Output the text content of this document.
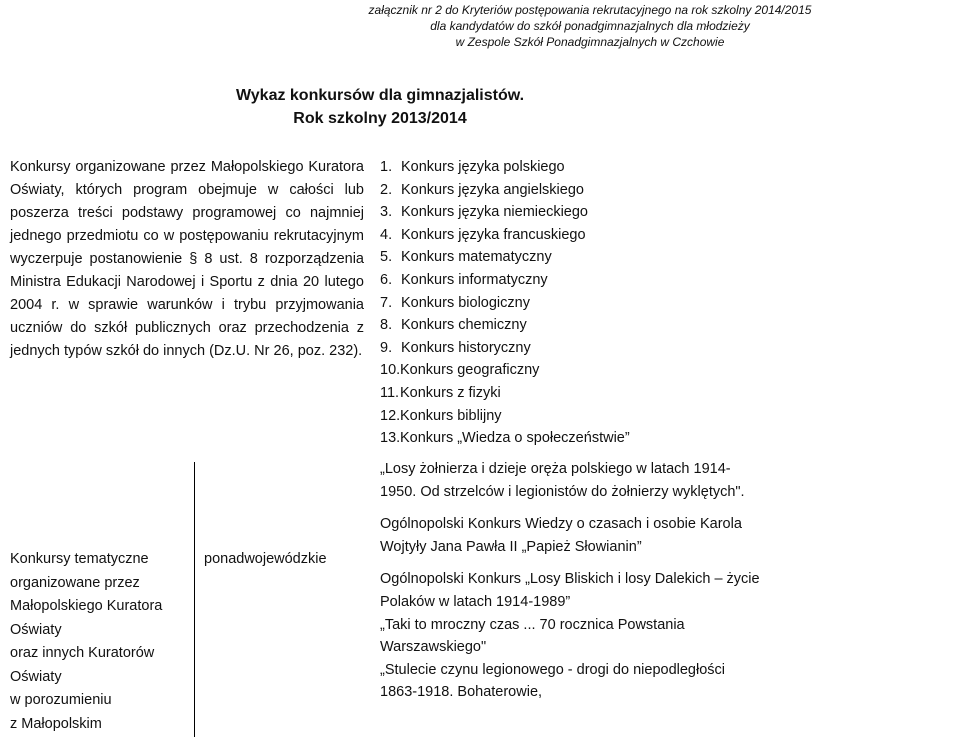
załącznik nr 2 do Kryteriów postępowania rekrutacyjnego na rok szkolny 2014/2015
dla kandydatów do szkół ponadgimnazjalnych dla młodzieży
w Zespole Szkół Ponadgimnazjalnych w Czchowie
Wykaz konkursów dla gimnazjalistów.
Rok szkolny 2013/2014
Konkursy organizowane przez Małopolskiego Kuratora Oświaty, których program obejmuje w całości lub poszerza treści podstawy programowej co najmniej jednego przedmiotu co w postępowaniu rekrutacyjnym wyczerpuje postanowienie § 8 ust. 8 rozporządzenia Ministra Edukacji Narodowej i Sportu z dnia 20 lutego 2004 r. w sprawie warunków i trybu przyjmowania uczniów do szkół publicznych oraz przechodzenia z jednych typów szkół do innych (Dz.U. Nr 26, poz. 232).
1. Konkurs języka polskiego
2. Konkurs języka angielskiego
3. Konkurs języka niemieckiego
4. Konkurs języka francuskiego
5. Konkurs matematyczny
6. Konkurs informatyczny
7. Konkurs biologiczny
8. Konkurs chemiczny
9. Konkurs historyczny
10. Konkurs geograficzny
11. Konkurs z fizyki
12. Konkurs biblijny
13. Konkurs „Wiedza o społeczeństwie”
Konkursy tematyczne
organizowane przez
Małopolskiego Kuratora
Oświaty
oraz innych Kuratorów
Oświaty
w porozumieniu
z Małopolskim
ponadwojewódzkie

„Losy żołnierza i dzieje oręża polskiego w latach 1914-1950. Od strzelców i legionistów do żołnierzy wyklętych".

Ogólnopolski Konkurs Wiedzy o czasach i osobie Karola Wojtyły Jana Pawła II „Papież Słowianin”

Ogólnopolski Konkurs „Losy Bliskich i losy Dalekich – życie Polaków w latach 1914-1989”

„Taki to mroczny czas ... 70 rocznica Powstania Warszawskiego"

„Stulecie czynu legionowego - drogi do niepodległości 1863-1918. Bohaterowie,
